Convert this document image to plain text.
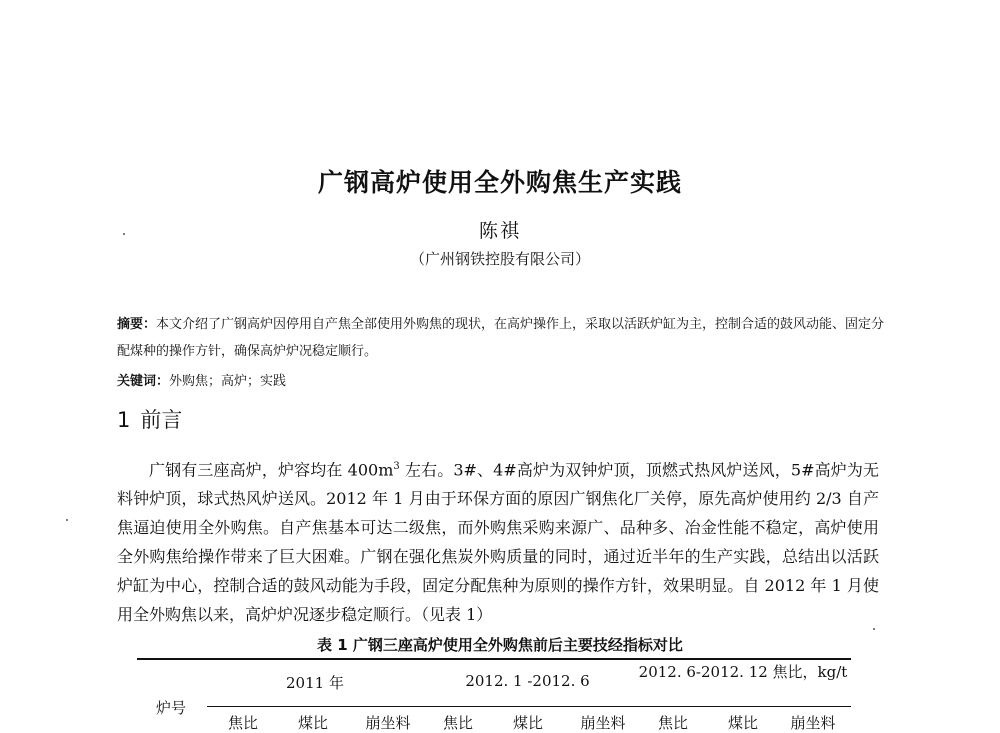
广钢高炉使用全外购焦生产实践
陈祺
（广州钢铁控股有限公司）
摘要：本文介绍了广钢高炉因停用自产焦全部使用外购焦的现状，在高炉操作上，采取以活跃炉缸为主，控制合适的鼓风动能、固定分配煤种的操作方针，确保高炉炉况稳定顺行。
关键词：外购焦；高炉；实践
1 前言
广钢有三座高炉，炉容均在 $400m^3$ 左右。3#、4#高炉为双钟炉顶，顶燃式热风炉送风，5#高炉为无料钟炉顶，球式热风炉送风。2012 年 1 月由于环保方面的原因广钢焦化厂关停，原先高炉使用约 2/3 自产焦逼迫使用全外购焦。自产焦基本可达二级焦，而外购焦采购来源广、品种多、冶金性能不稳定，高炉使用全外购焦给操作带来了巨大困难。广钢在强化焦炭外购质量的同时，通过近半年的生产实践，总结出以活跃炉缸为中心，控制合适的鼓风动能为手段，固定分配焦种为原则的操作方针，效果明显。自 2012 年 1 月使用全外购焦以来，高炉炉况逐步稳定顺行。（见表 1）
表 1 广钢三座高炉使用全外购焦前后主要技经指标对比
炉号
2011 年	2012. 1 -2012. 6	2012. 6-2012. 12 焦比，kg/t
焦比	煤比	崩坐料	焦比	煤比	崩坐料	焦比	煤比	崩坐料
